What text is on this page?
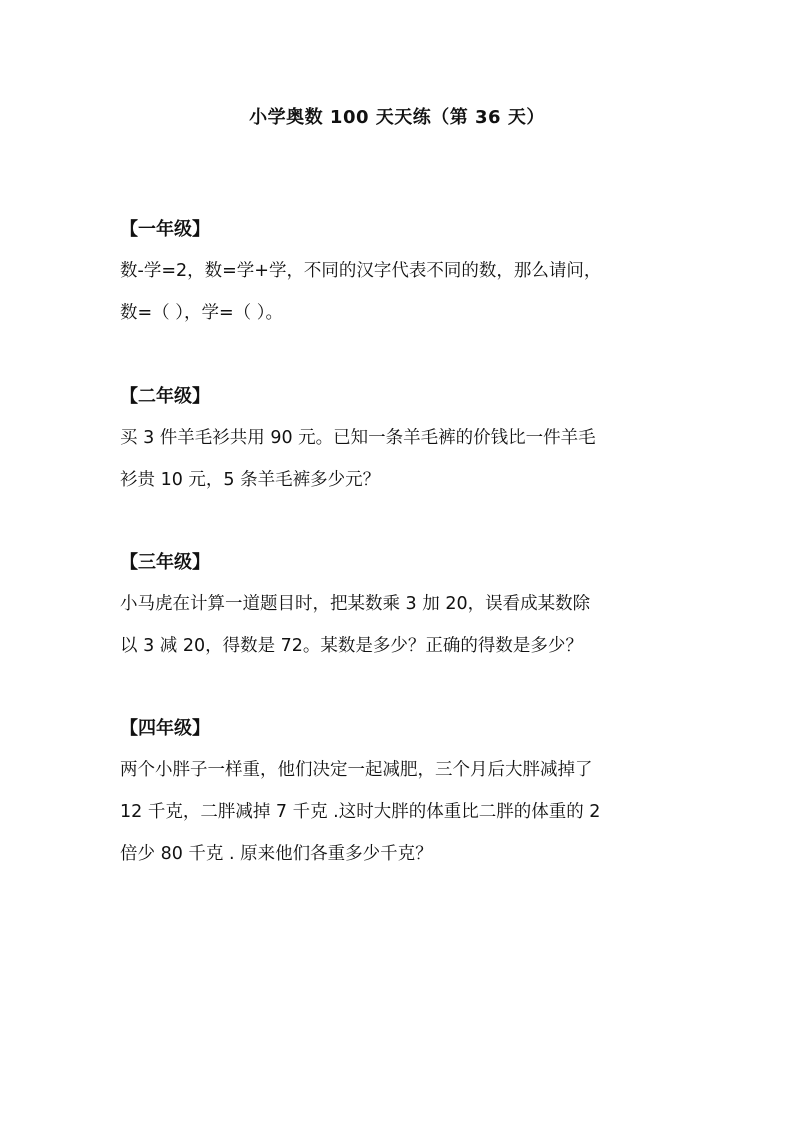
小学奥数 100 天天练（第 36 天）

【一年级】

数-学=2，数=学+学，不同的汉字代表不同的数，那么请问，

数=（ ），学=（ ）。

【二年级】

买 3 件羊毛衫共用 90 元。已知一条羊毛裤的价钱比一件羊毛

衫贵 10 元，5 条羊毛裤多少元？

【三年级】

小马虎在计算一道题目时，把某数乘 3 加 20，误看成某数除

以 3 减 20，得数是 72。某数是多少？正确的得数是多少？

【四年级】

两个小胖子一样重，他们决定一起减肥，三个月后大胖减掉了

12 千克，二胖减掉 7 千克 .这时大胖的体重比二胖的体重的 2

倍少 80 千克 . 原来他们各重多少千克？
